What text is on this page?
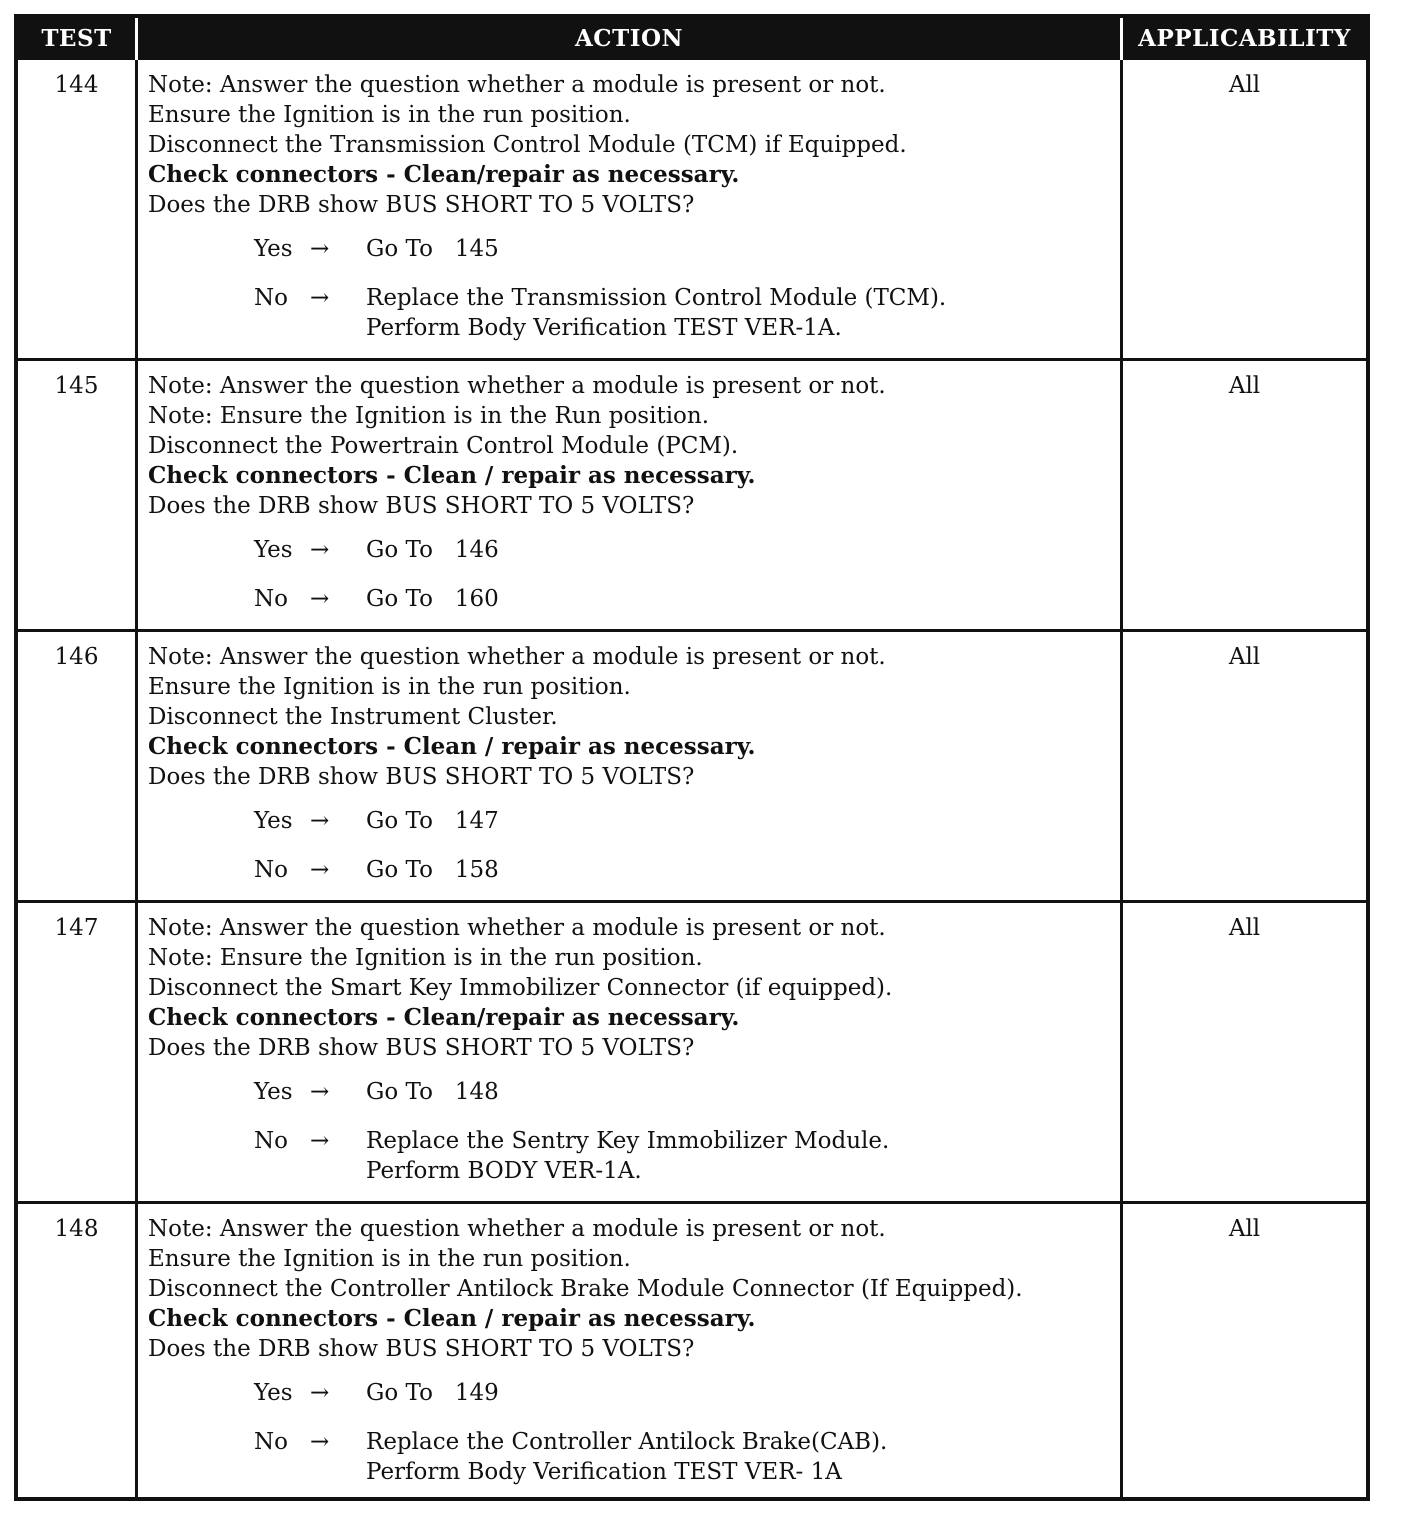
TEST	ACTION	APPLICABILITY
144	Note: Answer the question whether a module is present or not.
Ensure the Ignition is in the run position.
Disconnect the Transmission Control Module (TCM) if Equipped.
Check connectors - Clean/repair as necessary.
Does the DRB show BUS SHORT TO 5 VOLTS?
Yes →	Go To   145
No →	Replace the Transmission Control Module (TCM).
Perform Body Verification TEST VER-1A.
All
145	Note: Answer the question whether a module is present or not.
Note: Ensure the Ignition is in the Run position.
Disconnect the Powertrain Control Module (PCM).
Check connectors - Clean / repair as necessary.
Does the DRB show BUS SHORT TO 5 VOLTS?
Yes →	Go To   146
No →	Go To   160
All
146	Note: Answer the question whether a module is present or not.
Ensure the Ignition is in the run position.
Disconnect the Instrument Cluster.
Check connectors - Clean / repair as necessary.
Does the DRB show BUS SHORT TO 5 VOLTS?
Yes →	Go To   147
No →	Go To   158
All
147	Note: Answer the question whether a module is present or not.
Note: Ensure the Ignition is in the run position.
Disconnect the Smart Key Immobilizer Connector (if equipped).
Check connectors - Clean/repair as necessary.
Does the DRB show BUS SHORT TO 5 VOLTS?
Yes →	Go To   148
No →	Replace the Sentry Key Immobilizer Module.
Perform BODY VER-1A.
All
148	Note: Answer the question whether a module is present or not.
Ensure the Ignition is in the run position.
Disconnect the Controller Antilock Brake Module Connector (If Equipped).
Check connectors - Clean / repair as necessary.
Does the DRB show BUS SHORT TO 5 VOLTS?
Yes →	Go To   149
No →	Replace the Controller Antilock Brake(CAB).
Perform Body Verification TEST VER- 1A
All
